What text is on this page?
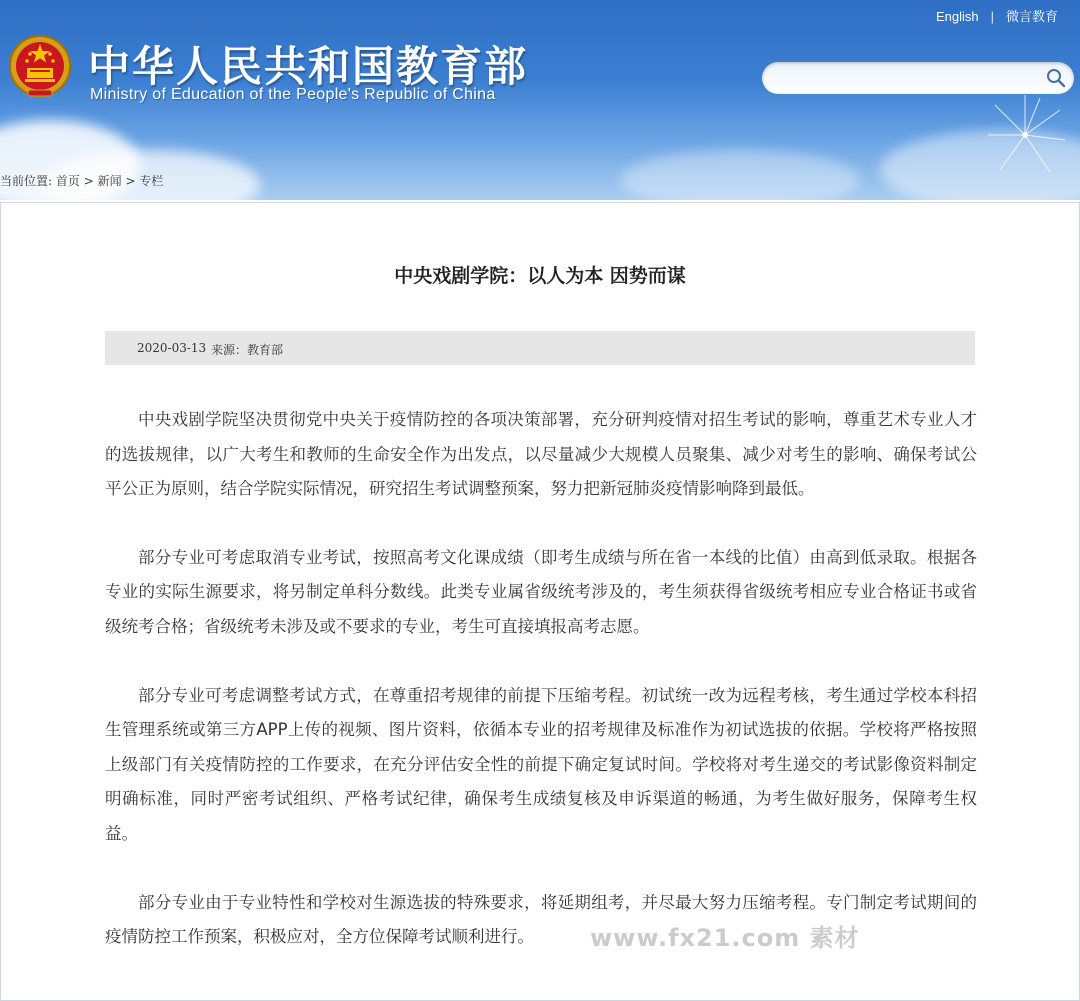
中华人民共和国教育部
Ministry of Education of the People's Republic of China
English | 微言教育
当前位置: 首页 > 新闻 > 专栏
中央戏剧学院：以人为本 因势而谋
2020-03-13 来源：教育部

中央戏剧学院坚决贯彻党中央关于疫情防控的各项决策部署，充分研判疫情对招生考试的影响，尊重艺术专业人才的选拔规律，以广大考生和教师的生命安全作为出发点，以尽量减少大规模人员聚集、减少对考生的影响、确保考试公平公正为原则，结合学院实际情况，研究招生考试调整预案，努力把新冠肺炎疫情影响降到最低。

部分专业可考虑取消专业考试，按照高考文化课成绩（即考生成绩与所在省一本线的比值）由高到低录取。根据各专业的实际生源要求，将另制定单科分数线。此类专业属省级统考涉及的，考生须获得省级统考相应专业合格证书或省级统考合格；省级统考未涉及或不要求的专业，考生可直接填报高考志愿。

部分专业可考虑调整考试方式，在尊重招考规律的前提下压缩考程。初试统一改为远程考核，考生通过学校本科招生管理系统或第三方APP上传的视频、图片资料，依循本专业的招考规律及标准作为初试选拔的依据。学校将严格按照上级部门有关疫情防控的工作要求，在充分评估安全性的前提下确定复试时间。学校将对考生递交的考试影像资料制定明确标准，同时严密考试组织、严格考试纪律，确保考生成绩复核及申诉渠道的畅通，为考生做好服务，保障考生权益。

部分专业由于专业特性和学校对生源选拔的特殊要求，将延期组考，并尽最大努力压缩考程。专门制定考试期间的疫情防控工作预案，积极应对，全方位保障考试顺利进行。	www.fx21.com 素材
